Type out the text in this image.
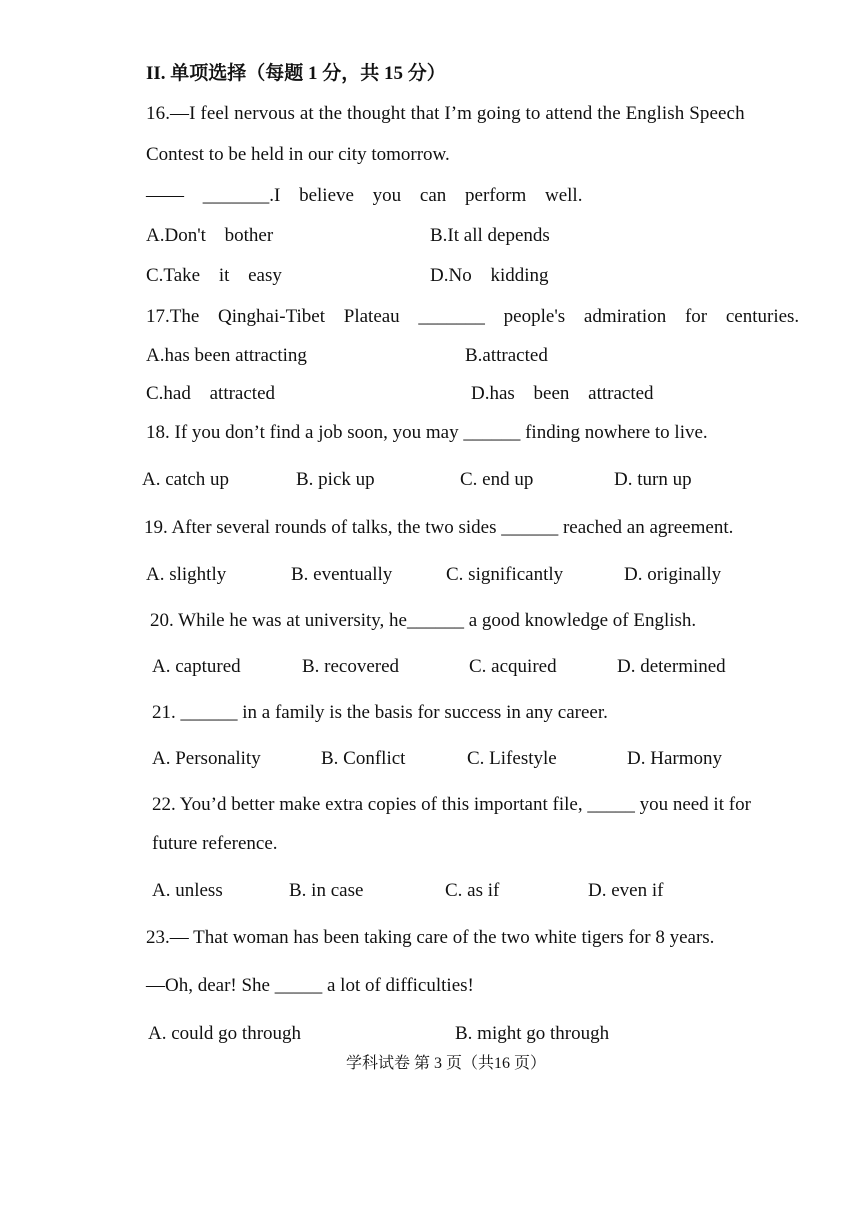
II. 单项选择（每题 1 分，共 15 分）
16.—I feel nervous at the thought that I’m going to attend the English Speech
Contest to be held in our city tomorrow.
—— _______.I believe you can perform well.
A.Don't bother	B.It all depends
C.Take it easy	D.No kidding
17.The Qinghai-Tibet Plateau _______ people's admiration for centuries.
A.has been attracting	B.attracted
C.had attracted	D.has been attracted
18. If you don’t find a job soon, you may ______ finding nowhere to live.
A. catch up	B. pick up	C. end up	D. turn up
19. After several rounds of talks, the two sides ______ reached an agreement.
A. slightly	B. eventually	C. significantly	D. originally
20. While he was at university, he______ a good knowledge of English.
A. captured	B. recovered	C. acquired	D. determined
21. ______ in a family is the basis for success in any career.
A. Personality	B. Conflict	C. Lifestyle	D. Harmony
22. You’d better make extra copies of this important file, _____ you need it for
future reference.
A. unless	B. in case	C. as if	D. even if
23.— That woman has been taking care of the two white tigers for 8 years.
—Oh, dear! She _____ a lot of difficulties!
A. could go through	B. might go through
学科试卷 第 3 页（共16 页）
